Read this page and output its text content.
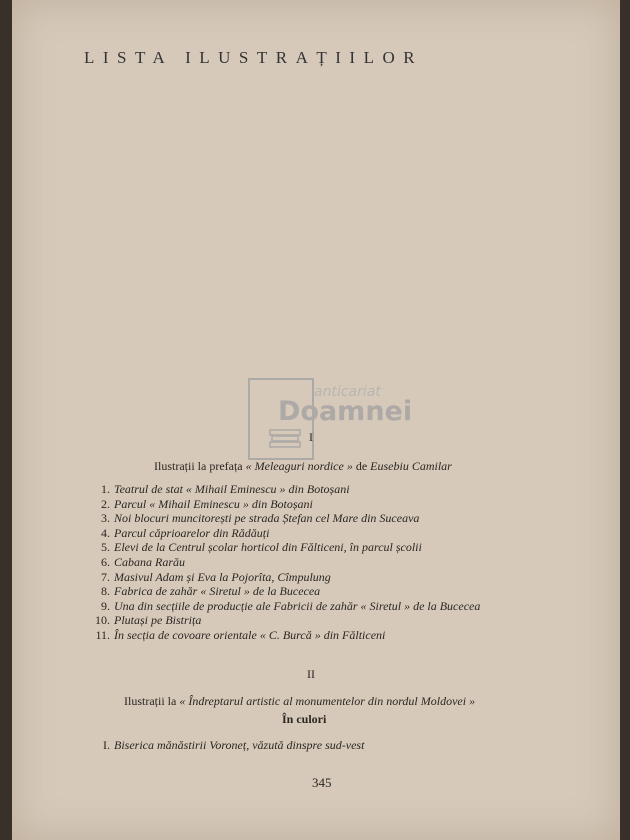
LISTA ILUSTRAȚIILOR
anticariat
Doamnei
I
Ilustrații la prefața « Meleaguri nordice » de Eusebiu Camilar
1. Teatrul de stat « Mihail Eminescu » din Botoșani
2. Parcul « Mihail Eminescu » din Botoșani
3. Noi blocuri muncitorești pe strada Ștefan cel Mare din Suceava
4. Parcul căprioarelor din Rădăuți
5. Elevi de la Centrul școlar horticol din Fălticeni, în parcul școlii
6. Cabana Rarău
7. Masivul Adam și Eva la Pojorîta, Cîmpulung
8. Fabrica de zahăr « Siretul » de la Bucecea
9. Una din secțiile de producție ale Fabricii de zahăr « Siretul » de la Bucecea
10. Plutași pe Bistrița
11. În secția de covoare orientale « C. Burcă » din Fălticeni
II
Ilustrații la « Îndreptarul artistic al monumentelor din nordul Moldovei »
În culori
I. Biserica mănăstirii Voroneț, văzută dinspre sud-vest
345
